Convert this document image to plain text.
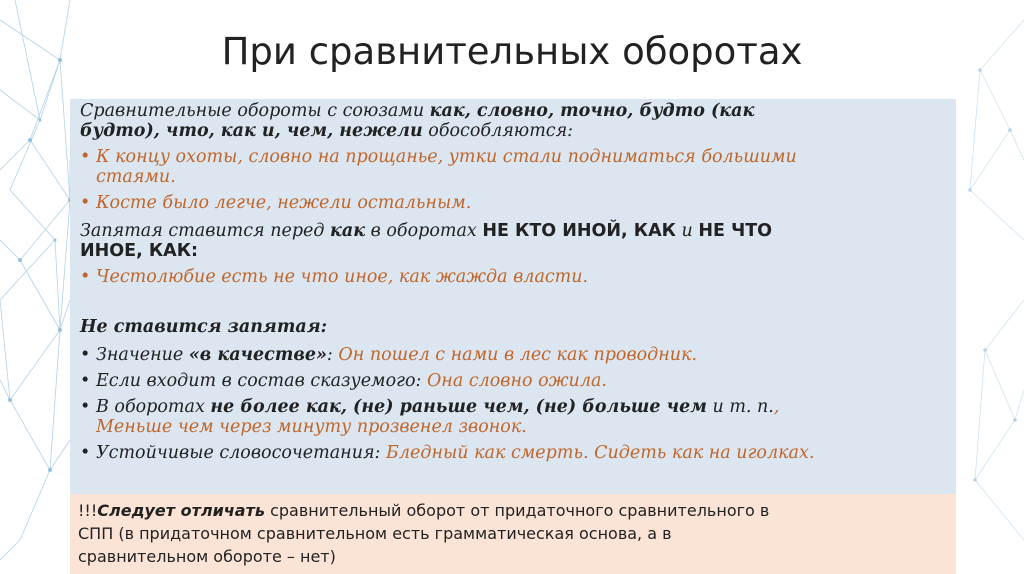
При сравнительных оборотах
Сравнительные обороты с союзами как, словно, точно, будто (как
будто), что, как и, чем, нежели обособляются:
• К концу охоты, словно на прощанье, утки стали подниматься большими
стаями.
• Косте было легче, нежели остальным.
Запятая ставится перед как в оборотах НЕ КТО ИНОЙ, КАК и НЕ ЧТО
ИНОЕ, КАК:
• Честолюбие есть не что иное, как жажда власти.
Не ставится запятая:
• Значение «в качестве»: Он пошел с нами в лес как проводник.
• Если входит в состав сказуемого: Она словно ожила.
• В оборотах не более как, (не) раньше чем, (не) больше чем и т. п.,
Меньше чем через минуту прозвенел звонок.
• Устойчивые словосочетания: Бледный как смерть. Сидеть как на иголках.
!!!Следует отличать сравнительный оборот от придаточного сравнительного в
СПП (в придаточном сравнительном есть грамматическая основа, а в
сравнительном обороте – нет)
